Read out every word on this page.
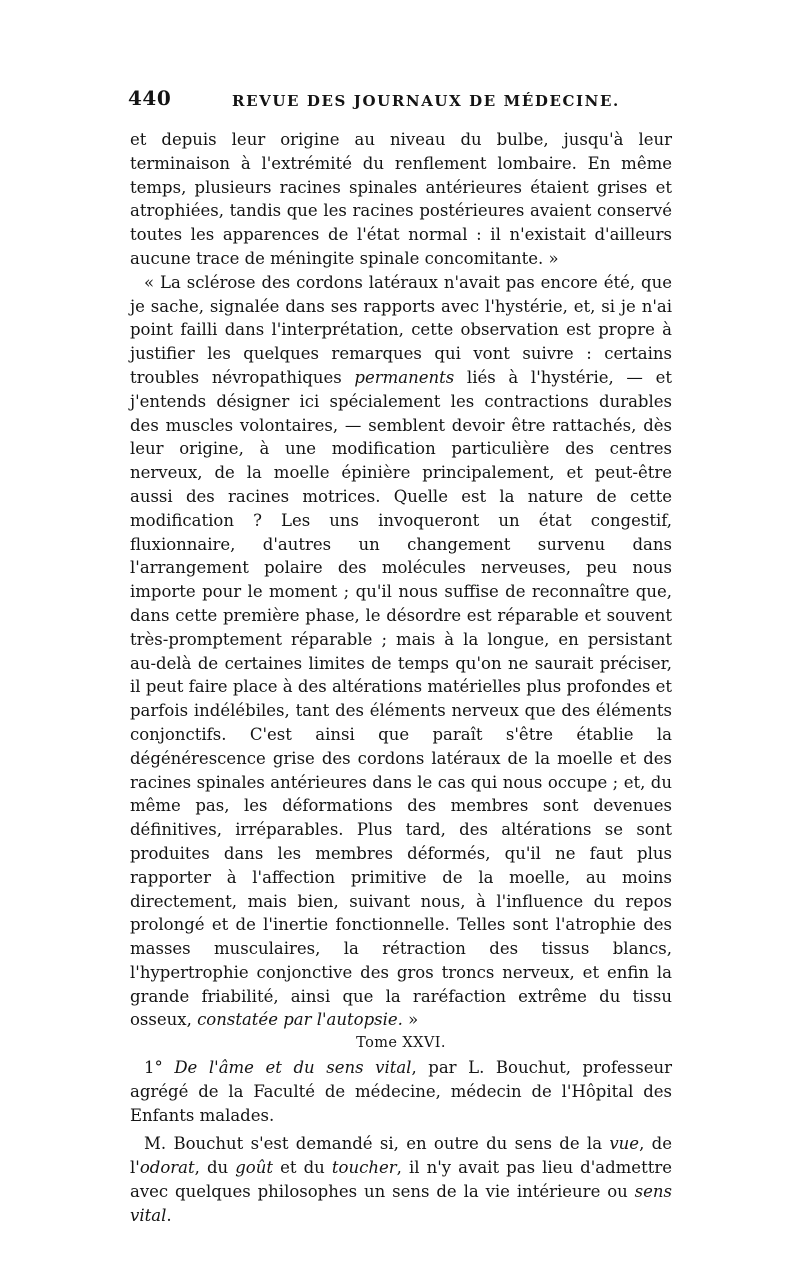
440	REVUE DES JOURNAUX DE MÉDECINE.

et depuis leur origine au niveau du bulbe, jusqu'à leur terminaison à l'extrémité du renflement lombaire. En même temps, plusieurs racines spinales antérieures étaient grises et atrophiées, tandis que les racines postérieures avaient conservé toutes les apparences de l'état normal : il n'existait d'ailleurs aucune trace de méningite spinale concomitante. »

« La sclérose des cordons latéraux n'avait pas encore été, que je sache, signalée dans ses rapports avec l'hystérie, et, si je n'ai point failli dans l'interprétation, cette observation est propre à justifier les quelques remarques qui vont suivre : certains troubles névropathiques permanents liés à l'hystérie, — et j'entends désigner ici spécialement les contractions durables des muscles volontaires, — semblent devoir être rattachés, dès leur origine, à une modification particulière des centres nerveux, de la moelle épinière principalement, et peut-être aussi des racines motrices. Quelle est la nature de cette modification ? Les uns invoqueront un état congestif, fluxionnaire, d'autres un changement survenu dans l'arrangement polaire des molécules nerveuses, peu nous importe pour le moment ; qu'il nous suffise de reconnaître que, dans cette première phase, le désordre est réparable et souvent très-promptement réparable ; mais à la longue, en persistant au-delà de certaines limites de temps qu'on ne saurait préciser, il peut faire place à des altérations matérielles plus profondes et parfois indélébiles, tant des éléments nerveux que des éléments conjonctifs. C'est ainsi que paraît s'être établie la dégénérescence grise des cordons latéraux de la moelle et des racines spinales antérieures dans le cas qui nous occupe ; et, du même pas, les déformations des membres sont devenues définitives, irréparables. Plus tard, des altérations se sont produites dans les membres déformés, qu'il ne faut plus rapporter à l'affection primitive de la moelle, au moins directement, mais bien, suivant nous, à l'influence du repos prolongé et de l'inertie fonctionnelle. Telles sont l'atrophie des masses musculaires, la rétraction des tissus blancs, l'hypertrophie conjonctive des gros troncs nerveux, et enfin la grande friabilité, ainsi que la raréfaction extrême du tissu osseux, constatée par l'autopsie. »

Tome XXVI.

1° De l'âme et du sens vital, par L. Bouchut, professeur agrégé de la Faculté de médecine, médecin de l'Hôpital des Enfants malades.

M. Bouchut s'est demandé si, en outre du sens de la vue, de l'odorat, du goût et du toucher, il n'y avait pas lieu d'admettre avec quelques philosophes un sens de la vie intérieure ou sens vital.
